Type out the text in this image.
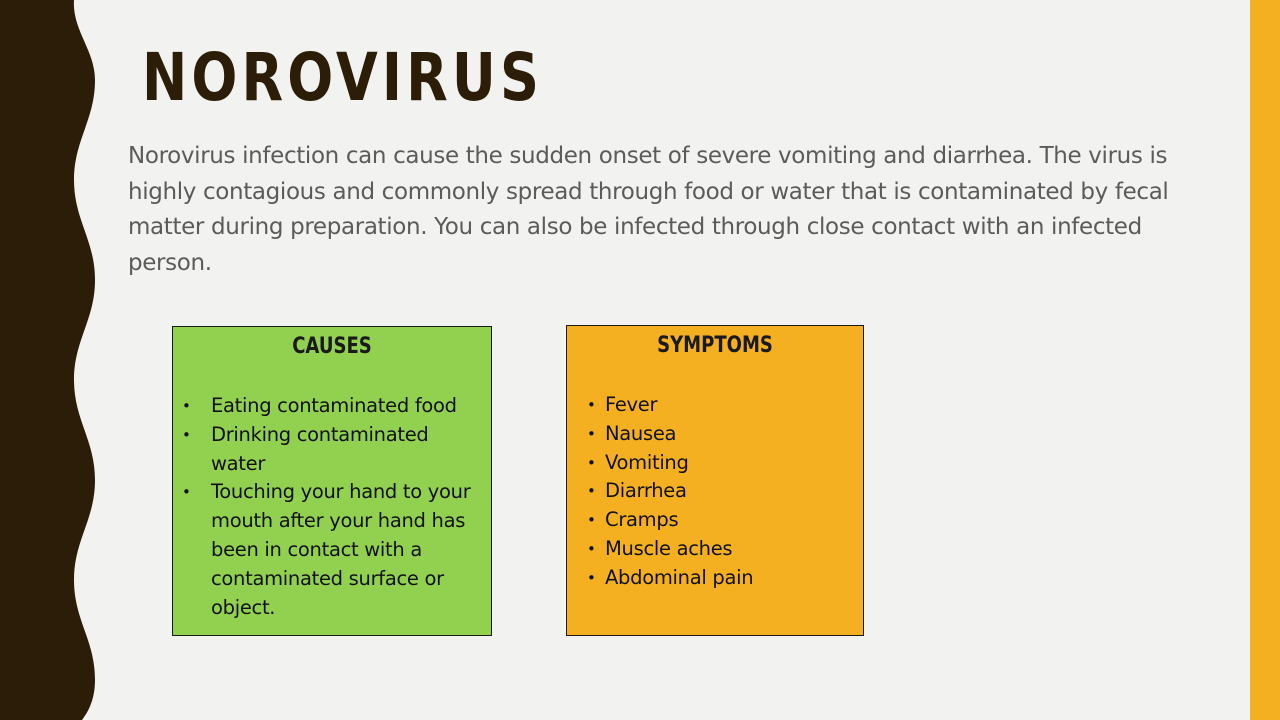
NOROVIRUS

Norovirus infection can cause the sudden onset of severe vomiting and diarrhea. The virus is highly contagious and commonly spread through food or water that is contaminated by fecal matter during preparation. You can also be infected through close contact with an infected person.

CAUSES
• Eating contaminated food
• Drinking contaminated water
• Touching your hand to your mouth after your hand has been in contact with a contaminated surface or object.
SYMPTOMS
• Fever
• Nausea
• Vomiting
• Diarrhea
• Cramps
• Muscle aches
• Abdominal pain
